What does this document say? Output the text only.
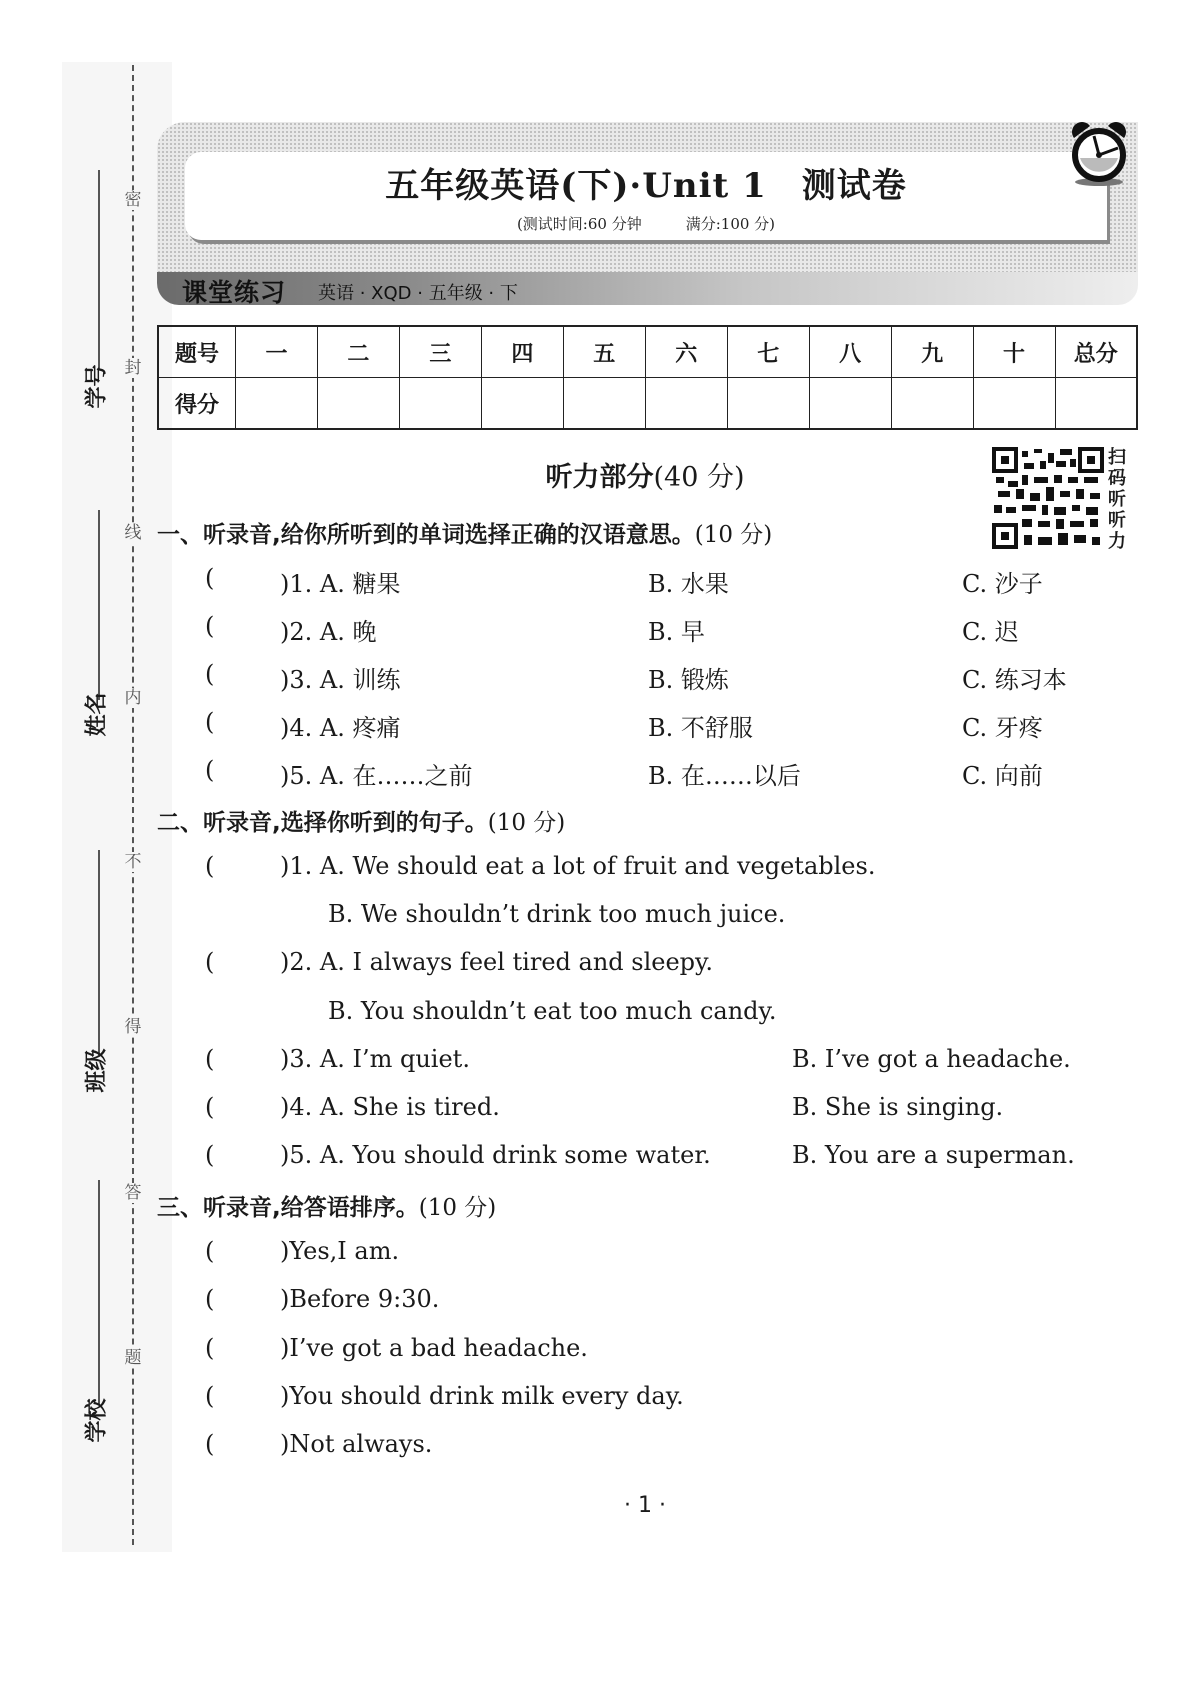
密
封
线
内
不
得
答
题
学号
姓名
班级
学校
五年级英语(下)·Unit 1　测试卷
(测试时间:60 分钟	满分:100 分)
课堂练习 英语 · XQD · 五年级 · 下
题号	一	二	三	四	五	六	七	八	九	十	总分
得分											
听力部分(40 分)
扫码听听力
一、听录音,给你所听到的单词选择正确的汉语意思。(10 分)
(	)1. A. 糖果	B. 水果	C. 沙子
(	)2. A. 晚	B. 早	C. 迟
(	)3. A. 训练	B. 锻炼	C. 练习本
(	)4. A. 疼痛	B. 不舒服	C. 牙疼
(	)5. A. 在……之前	B. 在……以后	C. 向前
二、听录音,选择你听到的句子。(10 分)
(	)1. A. We should eat a lot of fruit and vegetables.
B. We shouldn’t drink too much juice.
(	)2. A. I always feel tired and sleepy.
B. You shouldn’t eat too much candy.
(	)3. A. I’m quiet.	B. I’ve got a headache.
(	)4. A. She is tired.	B. She is singing.
(	)5. A. You should drink some water.	B. You are a superman.
三、听录音,给答语排序。(10 分)
(	)Yes,I am.
(	)Before 9:30.
(	)I’ve got a bad headache.
(	)You should drink milk every day.
(	)Not always.
· 1 ·
